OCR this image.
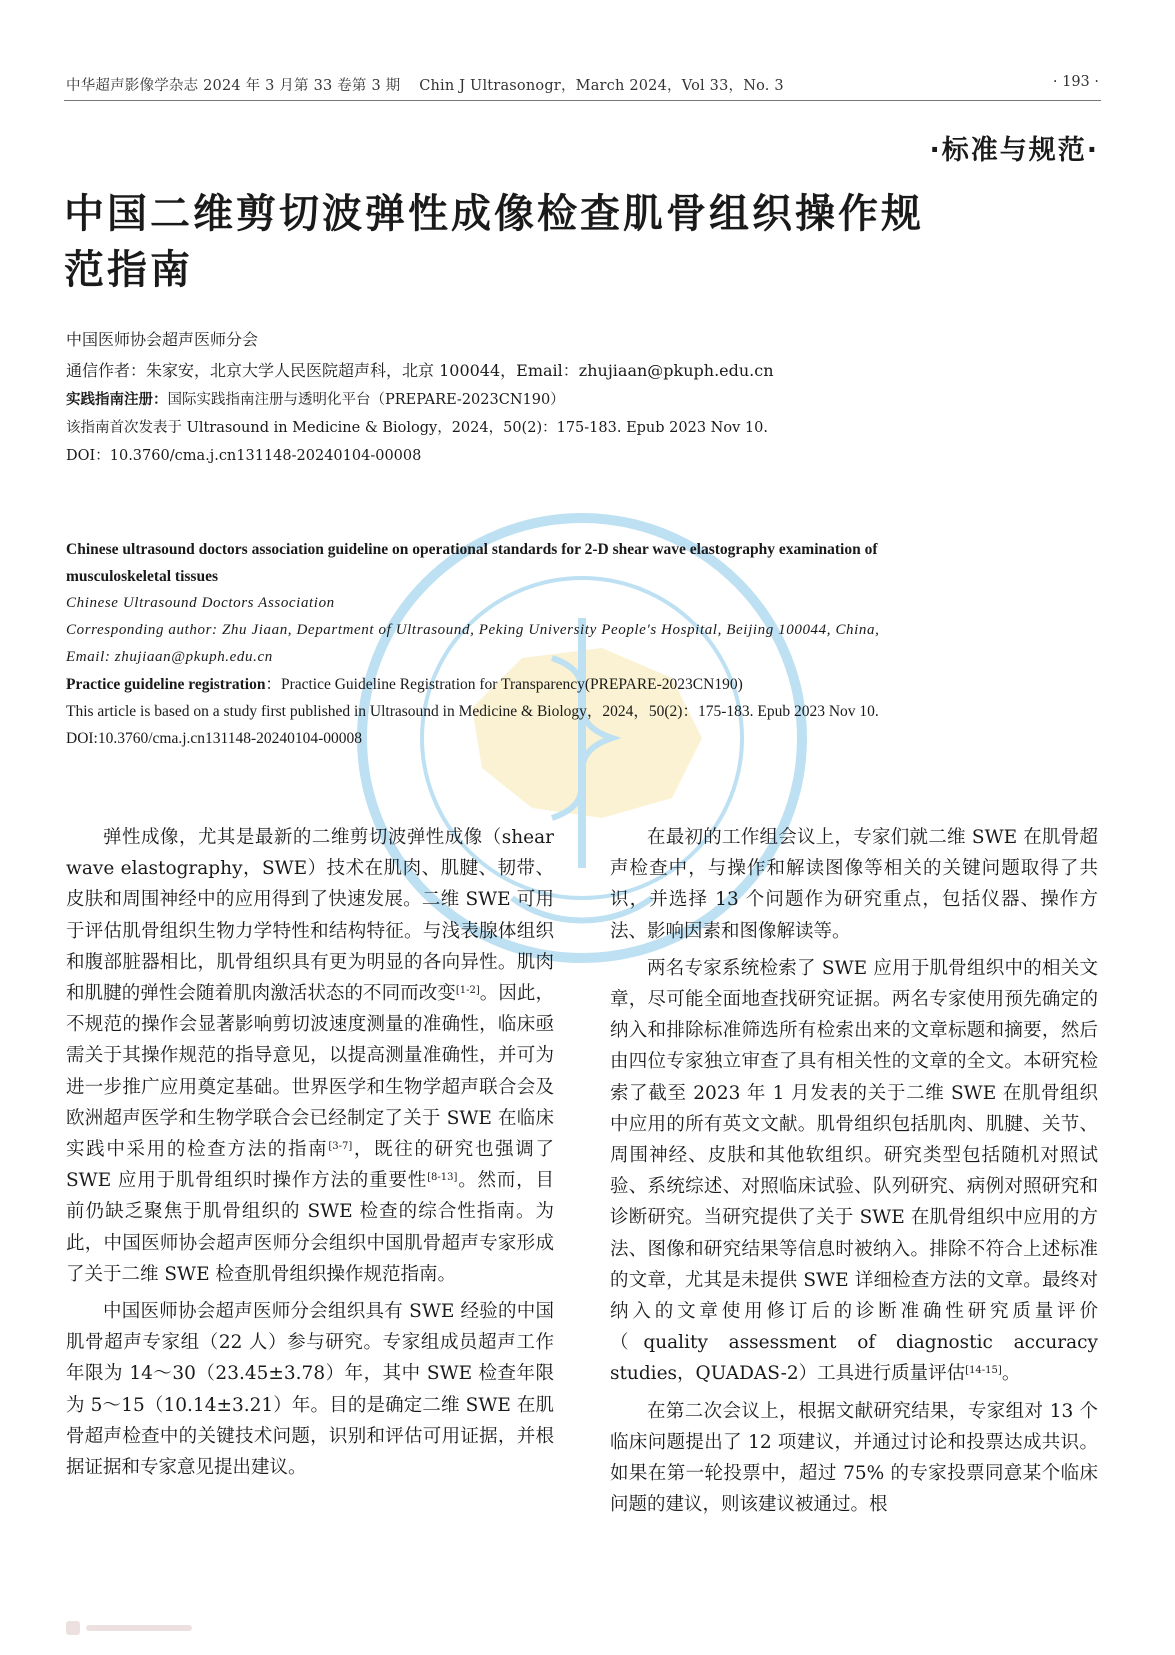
中华超声影像学杂志 2024 年 3 月第 33 卷第 3 期 Chin J Ultrasonogr，March 2024，Vol 33，No. 3	· 193 ·
·标准与规范·
中国二维剪切波弹性成像检查肌骨组织操作规范指南

中国医师协会超声医师分会

通信作者：朱家安，北京大学人民医院超声科，北京 100044，Email：zhujiaan@pkuph.edu.cn

实践指南注册：国际实践指南注册与透明化平台（PREPARE-2023CN190）

该指南首次发表于 Ultrasound in Medicine & Biology，2024，50(2)：175-183. Epub 2023 Nov 10.

DOI：10.3760/cma.j.cn131148-20240104-00008

Chinese ultrasound doctors association guideline on operational standards for 2-D shear wave elastography examination of musculoskeletal tissues

Chinese Ultrasound Doctors Association

Corresponding author: Zhu Jiaan, Department of Ultrasound, Peking University People′s Hospital, Beijing 100044, China, Email: zhujiaan@pkuph.edu.cn

Practice guideline registration：Practice Guideline Registration for Transparency(PREPARE-2023CN190)

This article is based on a study first published in Ultrasound in Medicine & Biology，2024，50(2)：175-183. Epub 2023 Nov 10.

DOI:10.3760/cma.j.cn131148-20240104-00008

弹性成像，尤其是最新的二维剪切波弹性成像（shear wave elastography，SWE）技术在肌肉、肌腱、韧带、皮肤和周围神经中的应用得到了快速发展。二维 SWE 可用于评估肌骨组织生物力学特性和结构特征。与浅表腺体组织和腹部脏器相比，肌骨组织具有更为明显的各向异性。肌肉和肌腱的弹性会随着肌肉激活状态的不同而改变[1-2]。因此，不规范的操作会显著影响剪切波速度测量的准确性，临床亟需关于其操作规范的指导意见，以提高测量准确性，并可为进一步推广应用奠定基础。世界医学和生物学超声联合会及欧洲超声医学和生物学联合会已经制定了关于 SWE 在临床实践中采用的检查方法的指南[3-7]，既往的研究也强调了 SWE 应用于肌骨组织时操作方法的重要性[8-13]。然而，目前仍缺乏聚焦于肌骨组织的 SWE 检查的综合性指南。为此，中国医师协会超声医师分会组织中国肌骨超声专家形成了关于二维 SWE 检查肌骨组织操作规范指南。

中国医师协会超声医师分会组织具有 SWE 经验的中国肌骨超声专家组（22 人）参与研究。专家组成员超声工作年限为 14～30（23.45±3.78）年，其中 SWE 检查年限为 5～15（10.14±3.21）年。目的是确定二维 SWE 在肌骨超声检查中的关键技术问题，识别和评估可用证据，并根据证据和专家意见提出建议。

在最初的工作组会议上，专家们就二维 SWE 在肌骨超声检查中，与操作和解读图像等相关的关键问题取得了共识，并选择 13 个问题作为研究重点，包括仪器、操作方法、影响因素和图像解读等。

两名专家系统检索了 SWE 应用于肌骨组织中的相关文章，尽可能全面地查找研究证据。两名专家使用预先确定的纳入和排除标准筛选所有检索出来的文章标题和摘要，然后由四位专家独立审查了具有相关性的文章的全文。本研究检索了截至 2023 年 1 月发表的关于二维 SWE 在肌骨组织中应用的所有英文文献。肌骨组织包括肌肉、肌腱、关节、周围神经、皮肤和其他软组织。研究类型包括随机对照试验、系统综述、对照临床试验、队列研究、病例对照研究和诊断研究。当研究提供了关于 SWE 在肌骨组织中应用的方法、图像和研究结果等信息时被纳入。排除不符合上述标准的文章，尤其是未提供 SWE 详细检查方法的文章。最终对纳入的文章使用修订后的诊断准确性研究质量评价（quality assessment of diagnostic accuracy studies，QUADAS-2）工具进行质量评估[14-15]。

在第二次会议上，根据文献研究结果，专家组对 13 个临床问题提出了 12 项建议，并通过讨论和投票达成共识。如果在第一轮投票中，超过 75% 的专家投票同意某个临床问题的建议，则该建议被通过。根
